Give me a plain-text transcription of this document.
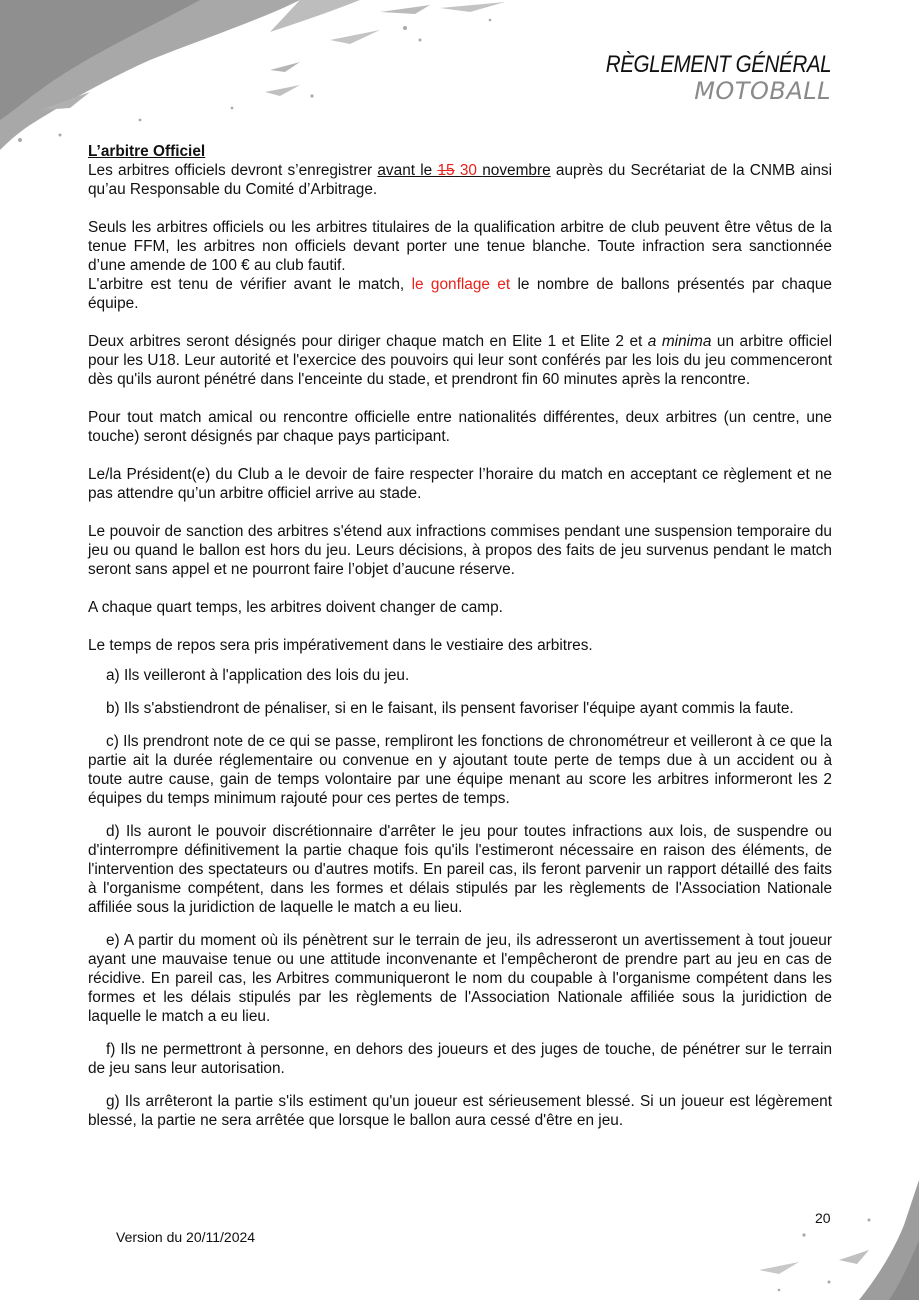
RÈGLEMENT GÉNÉRAL
MOTOBALL

L’arbitre Officiel

Les arbitres officiels devront s’enregistrer avant le 15 30 novembre auprès du Secrétariat de la CNMB ainsi qu’au Responsable du Comité d’Arbitrage.

Seuls les arbitres officiels ou les arbitres titulaires de la qualification arbitre de club peuvent être vêtus de la tenue FFM, les arbitres non officiels devant porter une tenue blanche. Toute infraction sera sanctionnée d’une amende de 100 € au club fautif.

L'arbitre est tenu de vérifier avant le match, le gonflage et le nombre de ballons présentés par chaque équipe.

Deux arbitres seront désignés pour diriger chaque match en Elite 1 et Elite 2 et a minima un arbitre officiel pour les U18. Leur autorité et l'exercice des pouvoirs qui leur sont conférés par les lois du jeu commenceront dès qu'ils auront pénétré dans l'enceinte du stade, et prendront fin 60 minutes après la rencontre.

Pour tout match amical ou rencontre officielle entre nationalités différentes, deux arbitres (un centre, une touche) seront désignés par chaque pays participant.

Le/la Président(e) du Club a le devoir de faire respecter l’horaire du match en acceptant ce règlement et ne pas attendre qu’un arbitre officiel arrive au stade.

Le pouvoir de sanction des arbitres s'étend aux infractions commises pendant une suspension temporaire du jeu ou quand le ballon est hors du jeu. Leurs décisions, à propos des faits de jeu survenus pendant le match seront sans appel et ne pourront faire l’objet d’aucune réserve.

A chaque quart temps, les arbitres doivent changer de camp.

Le temps de repos sera pris impérativement dans le vestiaire des arbitres.

a) Ils veilleront à l'application des lois du jeu.

b) Ils s'abstiendront de pénaliser, si en le faisant, ils pensent favoriser l'équipe ayant commis la faute.

c) Ils prendront note de ce qui se passe, rempliront les fonctions de chronométreur et veilleront à ce que la partie ait la durée réglementaire ou convenue en y ajoutant toute perte de temps due à un accident ou à toute autre cause, gain de temps volontaire par une équipe menant au score les arbitres informeront les 2 équipes du temps minimum rajouté pour ces pertes de temps.

d) Ils auront le pouvoir discrétionnaire d'arrêter le jeu pour toutes infractions aux lois, de suspendre ou d'interrompre définitivement la partie chaque fois qu'ils l'estimeront nécessaire en raison des éléments, de l'intervention des spectateurs ou d'autres motifs. En pareil cas, ils feront parvenir un rapport détaillé des faits à l'organisme compétent, dans les formes et délais stipulés par les règlements de l'Association Nationale affiliée sous la juridiction de laquelle le match a eu lieu.

e) A partir du moment où ils pénètrent sur le terrain de jeu, ils adresseront un avertissement à tout joueur ayant une mauvaise tenue ou une attitude inconvenante et l'empêcheront de prendre part au jeu en cas de récidive. En pareil cas, les Arbitres communiqueront le nom du coupable à l'organisme compétent dans les formes et les délais stipulés par les règlements de l'Association Nationale affiliée sous la juridiction de laquelle le match a eu lieu.

f) Ils ne permettront à personne, en dehors des joueurs et des juges de touche, de pénétrer sur le terrain de jeu sans leur autorisation.

g) Ils arrêteront la partie s'ils estiment qu'un joueur est sérieusement blessé. Si un joueur est légèrement blessé, la partie ne sera arrêtée que lorsque le ballon aura cessé d'être en jeu.

20
Version du 20/11/2024
